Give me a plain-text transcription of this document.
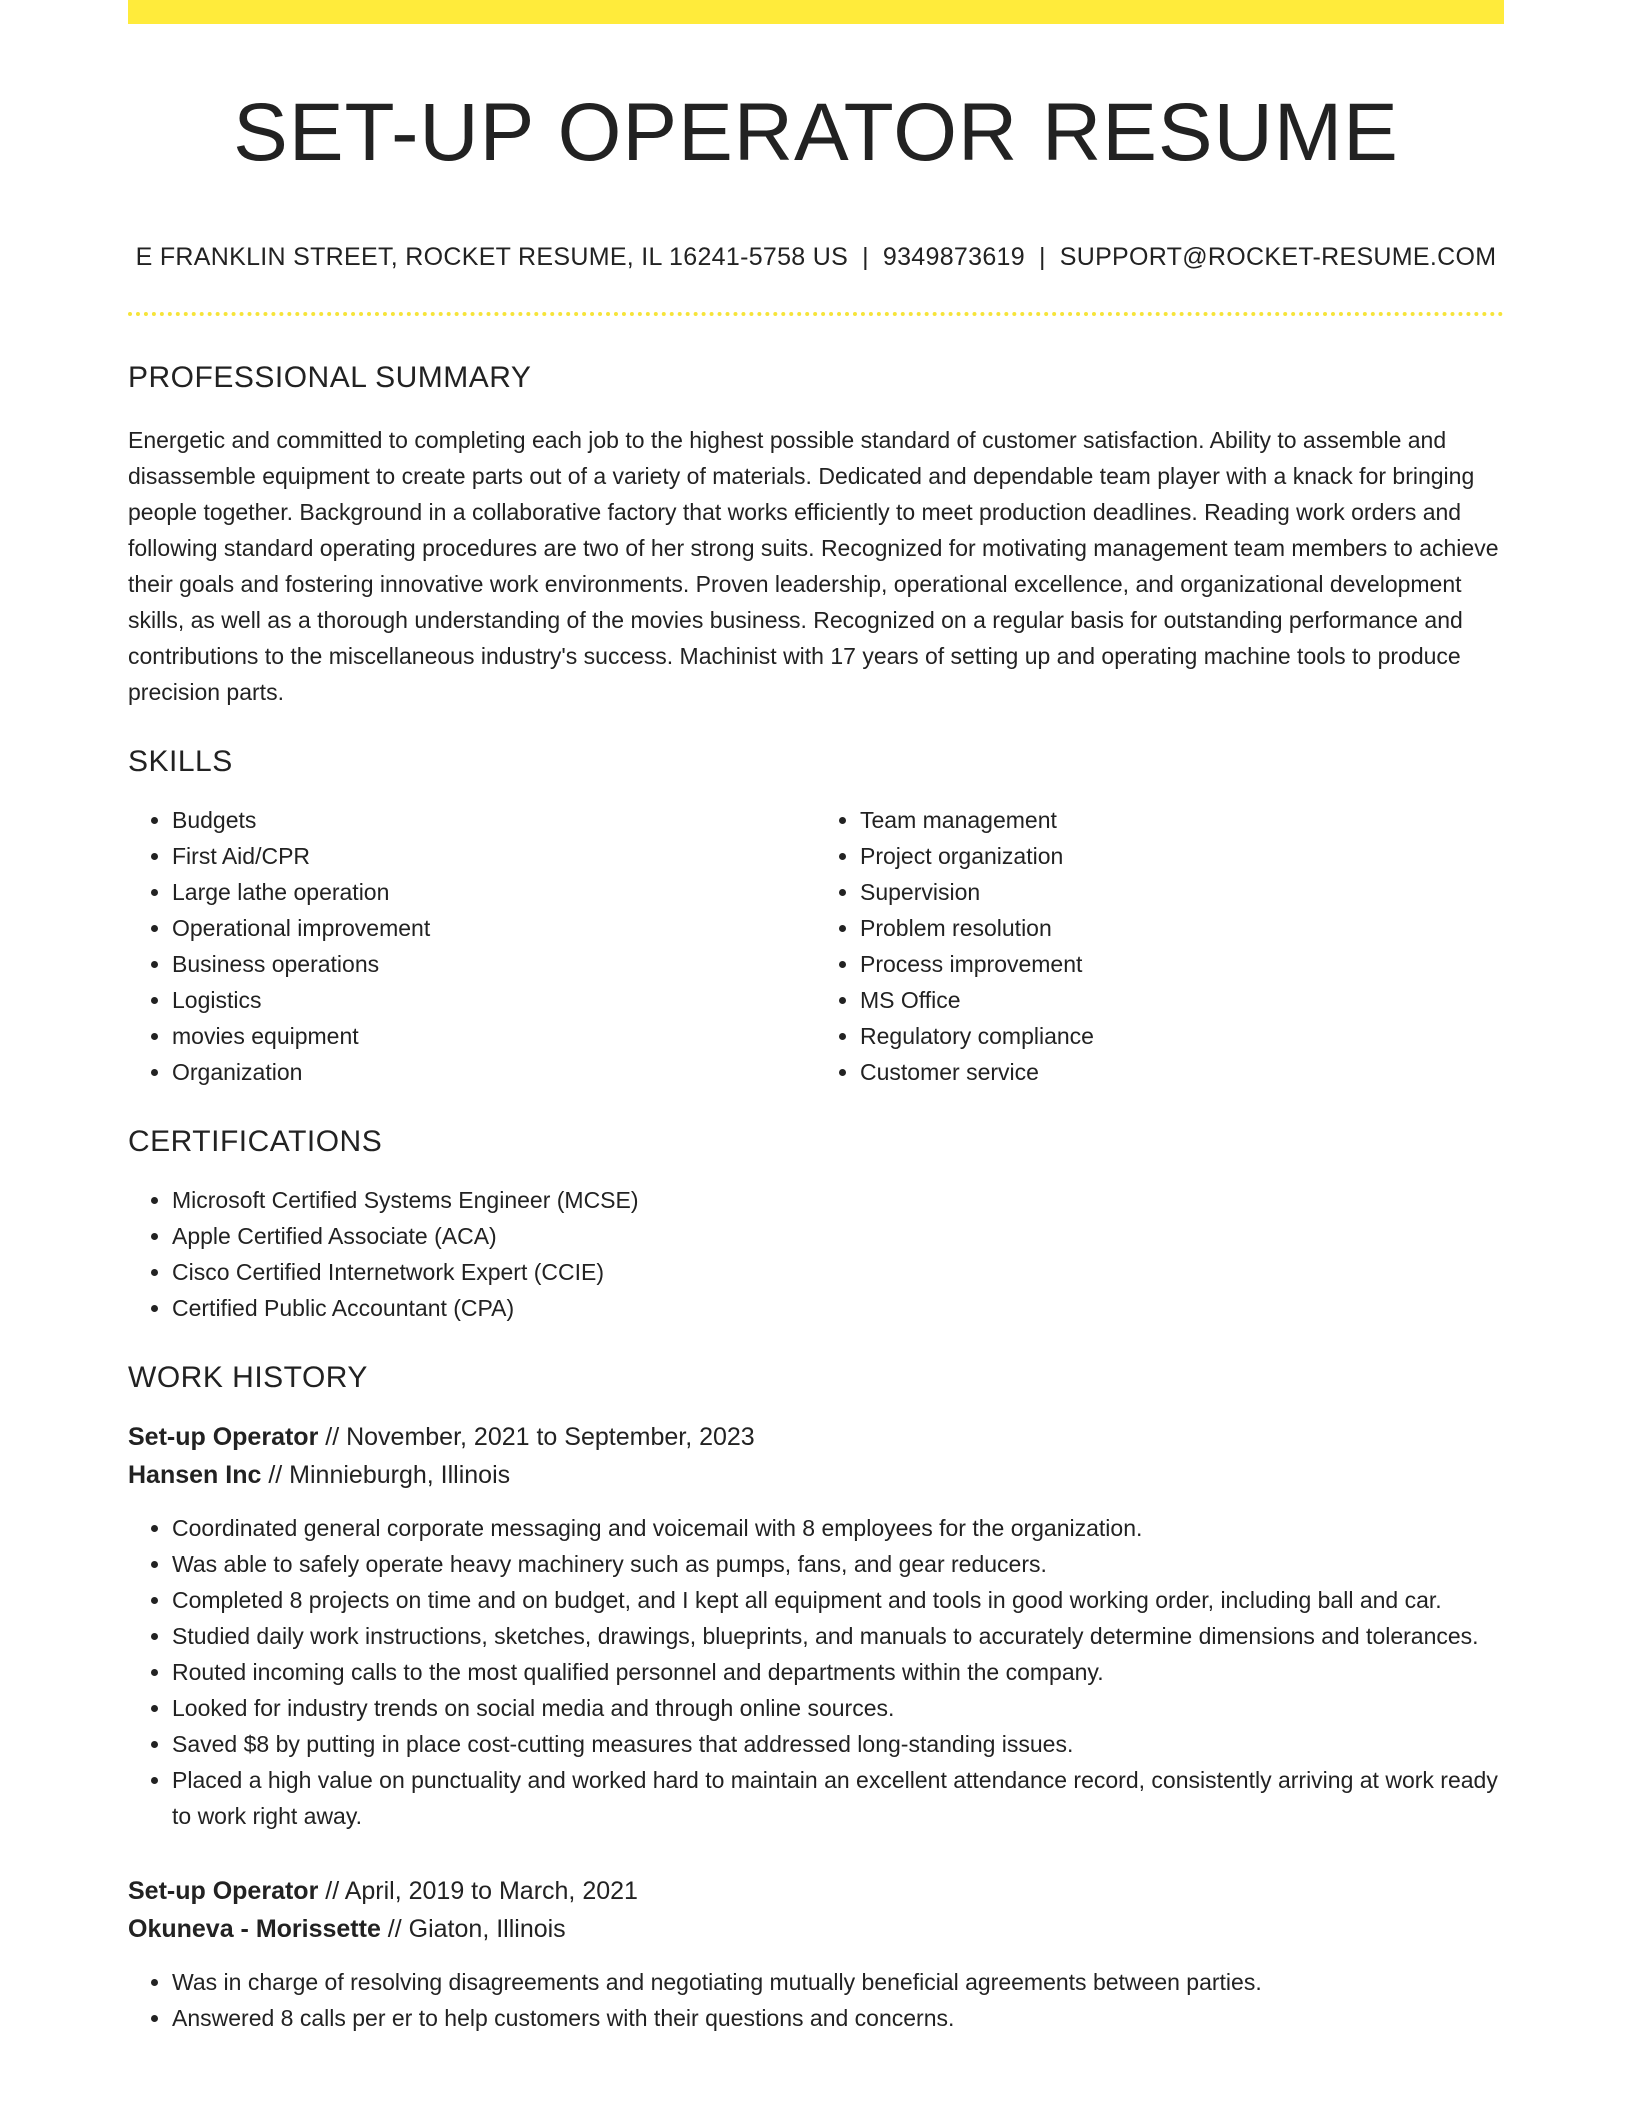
SET-UP OPERATOR RESUME
E FRANKLIN STREET, ROCKET RESUME, IL 16241-5758 US | 9349873619 | SUPPORT@ROCKET-RESUME.COM
PROFESSIONAL SUMMARY

Energetic and committed to completing each job to the highest possible standard of customer satisfaction. Ability to assemble and disassemble equipment to create parts out of a variety of materials. Dedicated and dependable team player with a knack for bringing people together. Background in a collaborative factory that works efficiently to meet production deadlines. Reading work orders and following standard operating procedures are two of her strong suits. Recognized for motivating management team members to achieve their goals and fostering innovative work environments. Proven leadership, operational excellence, and organizational development skills, as well as a thorough understanding of the movies business. Recognized on a regular basis for outstanding performance and contributions to the miscellaneous industry's success. Machinist with 17 years of setting up and operating machine tools to produce precision parts.

SKILLS
• Budgets
• First Aid/CPR
• Large lathe operation
• Operational improvement
• Business operations
• Logistics
• movies equipment
• Organization
• Team management
• Project organization
• Supervision
• Problem resolution
• Process improvement
• MS Office
• Regulatory compliance
• Customer service
CERTIFICATIONS
• Microsoft Certified Systems Engineer (MCSE)
• Apple Certified Associate (ACA)
• Cisco Certified Internetwork Expert (CCIE)
• Certified Public Accountant (CPA)
WORK HISTORY
Set-up Operator // November, 2021 to September, 2023
Hansen Inc // Minnieburgh, Illinois
• Coordinated general corporate messaging and voicemail with 8 employees for the organization.
• Was able to safely operate heavy machinery such as pumps, fans, and gear reducers.
• Completed 8 projects on time and on budget, and I kept all equipment and tools in good working order, including ball and car.
• Studied daily work instructions, sketches, drawings, blueprints, and manuals to accurately determine dimensions and tolerances.
• Routed incoming calls to the most qualified personnel and departments within the company.
• Looked for industry trends on social media and through online sources.
• Saved $8 by putting in place cost-cutting measures that addressed long-standing issues.
• Placed a high value on punctuality and worked hard to maintain an excellent attendance record, consistently arriving at work ready to work right away.
Set-up Operator // April, 2019 to March, 2021
Okuneva - Morissette // Giaton, Illinois
• Was in charge of resolving disagreements and negotiating mutually beneficial agreements between parties.
• Answered 8 calls per er to help customers with their questions and concerns.
